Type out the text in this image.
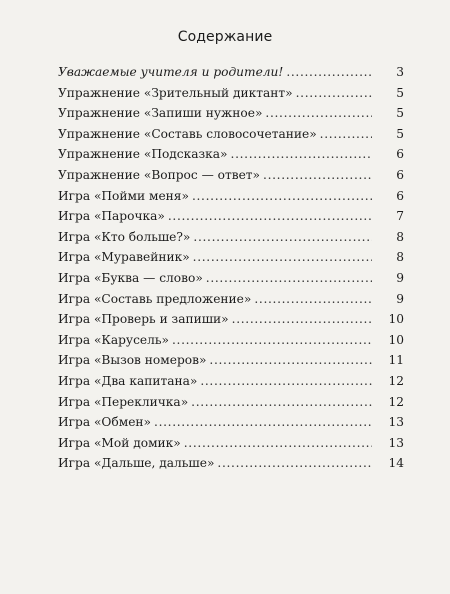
Содержание
Уважаемые учителя и родители! . . .	3
Упражнение «Зрительный диктант» . . .	5
Упражнение «Запиши нужное» . . .	5
Упражнение «Составь словосочетание» . . .	5
Упражнение «Подсказка» . . .	6
Упражнение «Вопрос — ответ» . . .	6
Игра «Пойми меня» . . .	6
Игра «Парочка» . . .	7
Игра «Кто больше?» . . .	8
Игра «Муравейник» . . .	8
Игра «Буква — слово» . . .	9
Игра «Составь предложение» . . .	9
Игра «Проверь и запиши» . . .	10
Игра «Карусель» . . .	10
Игра «Вызов номеров» . . .	11
Игра «Два капитана» . . .	12
Игра «Перекличка» . . .	12
Игра «Обмен» . . .	13
Игра «Мой домик» . . .	13
Игра «Дальше, дальше» . . .	14
